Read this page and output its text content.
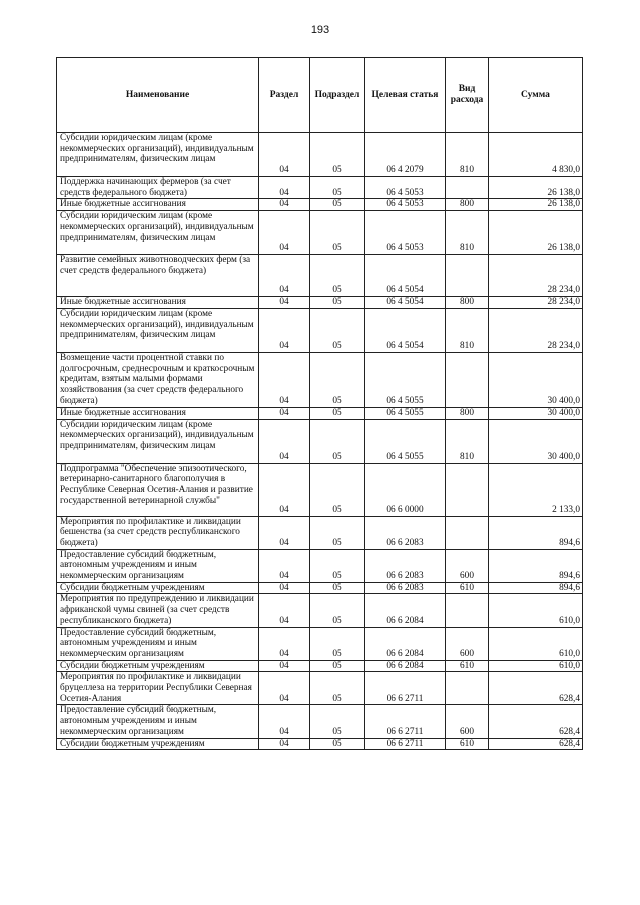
193
Наименование	Раздел	Подраздел	Целевая статья	Вид расхода	Сумма
Субсидии юридическим лицам (кроме некоммерческих организаций), индивидуальным предпринимателям, физическим лицам	04	05	06 4 2079	810	4 830,0
Поддержка начинающих фермеров (за счет средств федерального бюджета)	04	05	06 4 5053		26 138,0
Иные бюджетные ассигнования	04	05	06 4 5053	800	26 138,0
Субсидии юридическим лицам (кроме некоммерческих организаций), индивидуальным предпринимателям, физическим лицам	04	05	06 4 5053	810	26 138,0
Развитие семейных животноводческих ферм (за счет средств федерального бюджета)	04	05	06 4 5054		28 234,0
Иные бюджетные ассигнования	04	05	06 4 5054	800	28 234,0
Субсидии юридическим лицам (кроме некоммерческих организаций), индивидуальным предпринимателям, физическим лицам	04	05	06 4 5054	810	28 234,0
Возмещение части процентной ставки по долгосрочным, среднесрочным и краткосрочным кредитам, взятым малыми формами хозяйствования (за счет средств федерального бюджета)	04	05	06 4 5055		30 400,0
Иные бюджетные ассигнования	04	05	06 4 5055	800	30 400,0
Субсидии юридическим лицам (кроме некоммерческих организаций), индивидуальным предпринимателям, физическим лицам	04	05	06 4 5055	810	30 400,0
Подпрограмма "Обеспечение эпизоотического, ветеринарно-санитарного благополучия в Республике Северная Осетия-Алания и развитие государственной ветеринарной службы"	04	05	06 6 0000		2 133,0
Мероприятия по профилактике и ликвидации бешенства (за счет средств республиканского бюджета)	04	05	06 6 2083		894,6
Предоставление субсидий бюджетным, автономным учреждениям и иным некоммерческим организациям	04	05	06 6 2083	600	894,6
Субсидии бюджетным учреждениям	04	05	06 6 2083	610	894,6
Мероприятия по предупреждению и ликвидации африканской чумы свиней (за счет средств республиканского бюджета)	04	05	06 6 2084		610,0
Предоставление субсидий бюджетным, автономным учреждениям и иным некоммерческим организациям	04	05	06 6 2084	600	610,0
Субсидии бюджетным учреждениям	04	05	06 6 2084	610	610,0
Мероприятия по профилактике и ликвидации бруцеллеза на территории Республики Северная Осетия-Алания	04	05	06 6 2711		628,4
Предоставление субсидий бюджетным, автономным учреждениям и иным некоммерческим организациям	04	05	06 6 2711	600	628,4
Субсидии бюджетным учреждениям	04	05	06 6 2711	610	628,4
